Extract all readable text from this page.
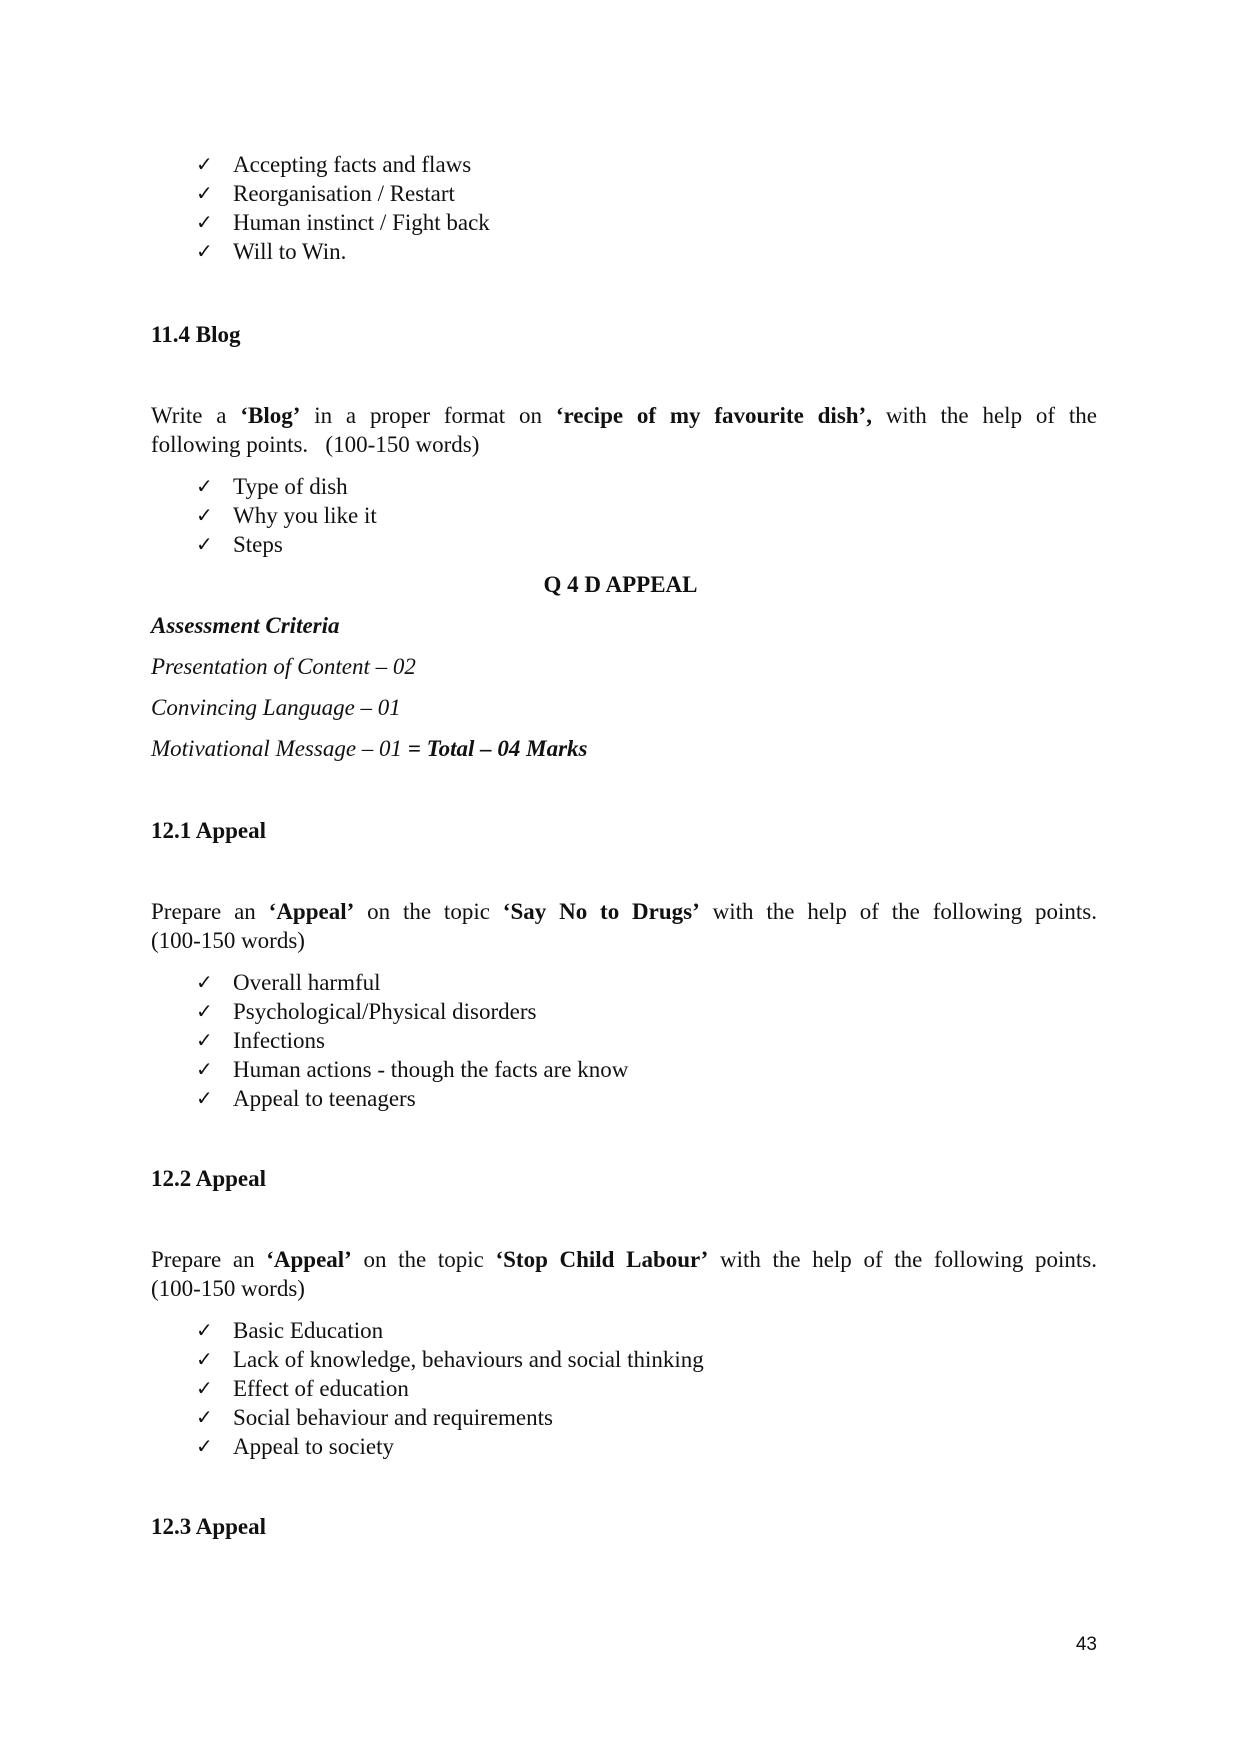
✓ Accepting facts and flaws
✓ Reorganisation / Restart
✓ Human instinct / Fight back
✓ Will to Win.
11.4 Blog
Write a ‘Blog’ in a proper format on ‘recipe of my favourite dish’, with the help of the
following points.   (100-150 words)
✓ Type of dish
✓ Why you like it
✓ Steps
Q 4 D APPEAL
Assessment Criteria
Presentation of Content – 02
Convincing Language – 01
Motivational Message – 01 = Total – 04 Marks
12.1 Appeal
Prepare an ‘Appeal’ on the topic ‘Say No to Drugs’ with the help of the following points.
(100-150 words)
✓ Overall harmful
✓ Psychological/Physical disorders
✓ Infections
✓ Human actions - though the facts are know
✓ Appeal to teenagers
12.2 Appeal
Prepare an ‘Appeal’ on the topic ‘Stop Child Labour’ with the help of the following points.
(100-150 words)
✓ Basic Education
✓ Lack of knowledge, behaviours and social thinking
✓ Effect of education
✓ Social behaviour and requirements
✓ Appeal to society
12.3 Appeal
43
